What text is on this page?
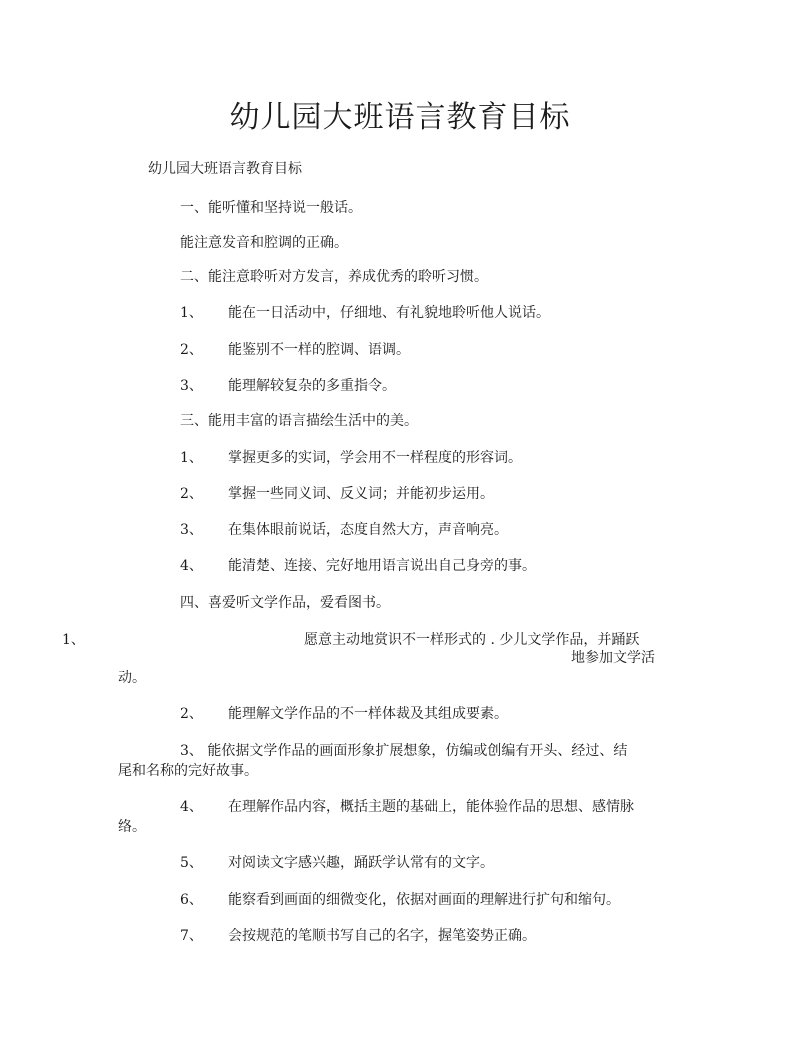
幼儿园大班语言教育目标
幼儿园大班语言教育目标
一、能听懂和坚持说一般话。
能注意发音和腔调的正确。
二、能注意聆听对方发言，养成优秀的聆听习惯。
1、 能在一日活动中，仔细地、有礼貌地聆听他人说话。
2、 能鉴别不一样的腔调、语调。
3、 能理解较复杂的多重指令。
三、能用丰富的语言描绘生活中的美。
1、 掌握更多的实词，学会用不一样程度的形容词。
2、 掌握一些同义词、反义词；并能初步运用。
3、 在集体眼前说话，态度自然大方，声音响亮。
4、 能清楚、连接、完好地用语言说出自己身旁的事。
四、喜爱听文学作品，爱看图书。
1、	愿意主动地赏识不一样形式的 . 少儿文学作品，并踊跃
地参加文学活
动。
2、 能理解文学作品的不一样体裁及其组成要素。
3、 能依据文学作品的画面形象扩展想象，仿编或创编有开头、经过、结
尾和名称的完好故事。
4、 在理解作品内容，概括主题的基础上，能体验作品的思想、感情脉
络。
5、 对阅读文字感兴趣，踊跃学认常有的文字。
6、 能察看到画面的细微变化，依据对画面的理解进行扩句和缩句。
7、 会按规范的笔顺书写自己的名字，握笔姿势正确。
